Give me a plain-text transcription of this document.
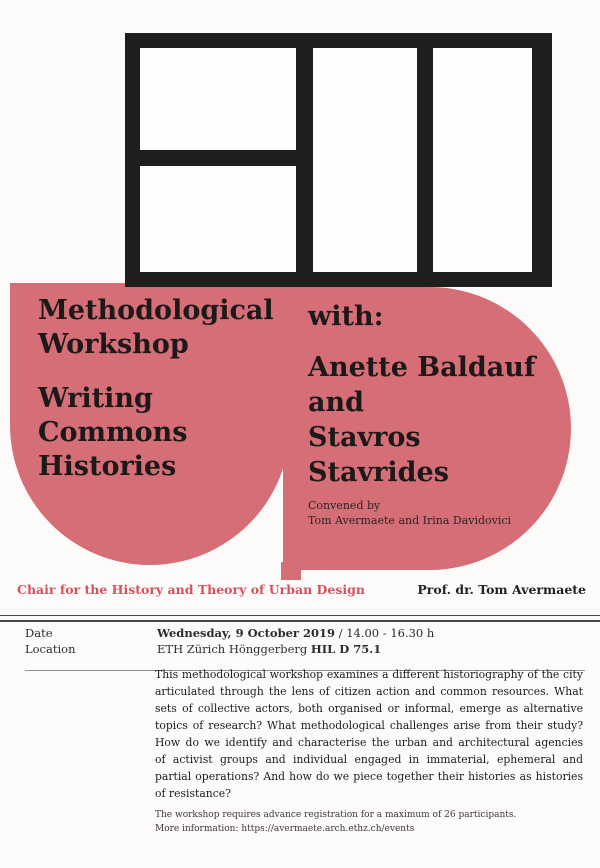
Methodological
Workshop
Writing
Commons
Histories
with:
Anette Baldauf
and
Stavros
Stavrides
Convened by
Tom Avermaete and Irina Davidovici
Chair for the History and Theory of Urban Design	Prof. dr. Tom Avermaete
Date
Location
Wednesday, 9 October 2019 / 14.00 - 16.30 h
ETH Zürich Hönggerberg HIL D 75.1
This methodological workshop examines a different historiography of the city
articulated through the lens of citizen action and common resources. What
sets of collective actors, both organised or informal, emerge as alternative
topics of research? What methodological challenges arise from their study?
How do we identify and characterise the urban and architectural agencies
of activist groups and individual engaged in immaterial, ephemeral and
partial operations? And how do we piece together their histories as histories
of resistance?
The workshop requires advance registration for a maximum of 26 participants.
More information: https://avermaete.arch.ethz.ch/events
